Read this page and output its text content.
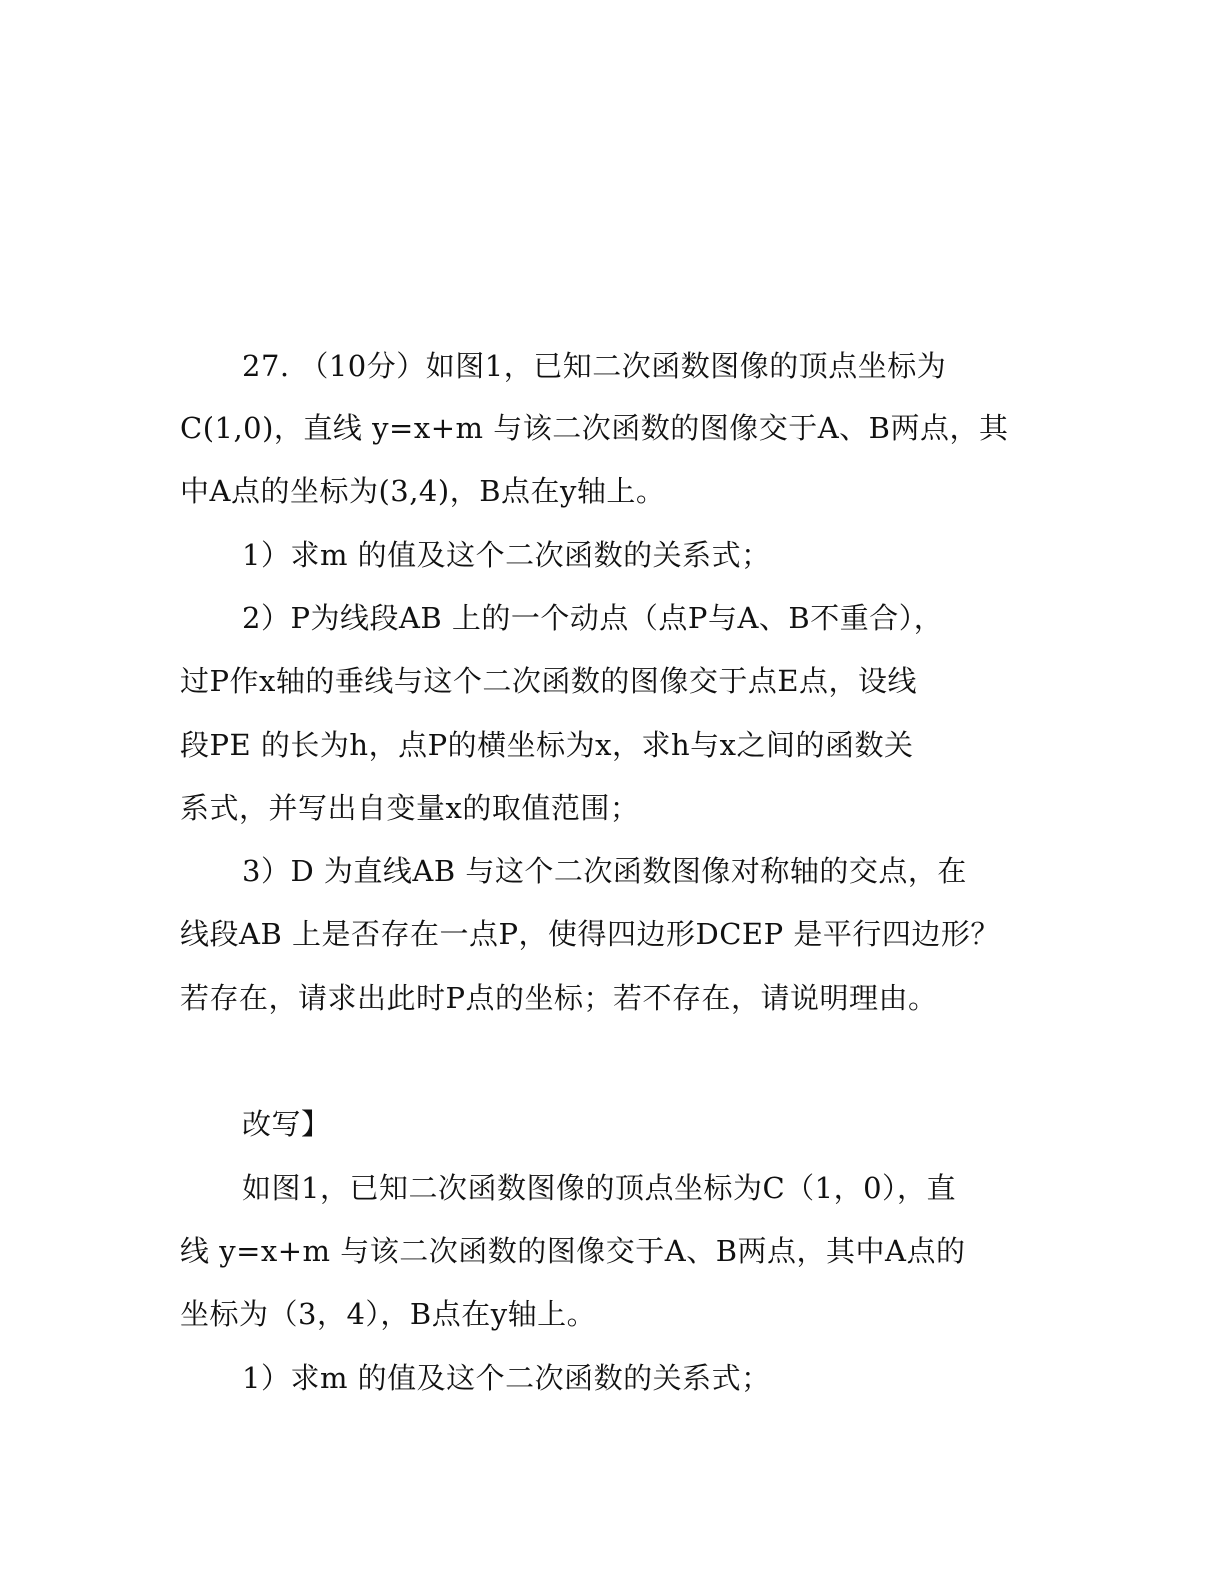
27. （10分）如图1，已知二次函数图像的顶点坐标为
C(1,0)，直线 y=x+m 与该二次函数的图像交于A、B两点，其
中A点的坐标为(3,4)，B点在y轴上。
1）求m 的值及这个二次函数的关系式；
2）P为线段AB 上的一个动点（点P与A、B不重合），
过P作x轴的垂线与这个二次函数的图像交于点E点，设线
段PE 的长为h，点P的横坐标为x，求h与x之间的函数关
系式，并写出自变量x的取值范围；
3）D 为直线AB 与这个二次函数图像对称轴的交点，在
线段AB 上是否存在一点P，使得四边形DCEP 是平行四边形？
若存在，请求出此时P点的坐标；若不存在，请说明理由。
改写】
如图1，已知二次函数图像的顶点坐标为C（1，0），直
线 y=x+m 与该二次函数的图像交于A、B两点，其中A点的
坐标为（3，4），B点在y轴上。
1）求m 的值及这个二次函数的关系式；
